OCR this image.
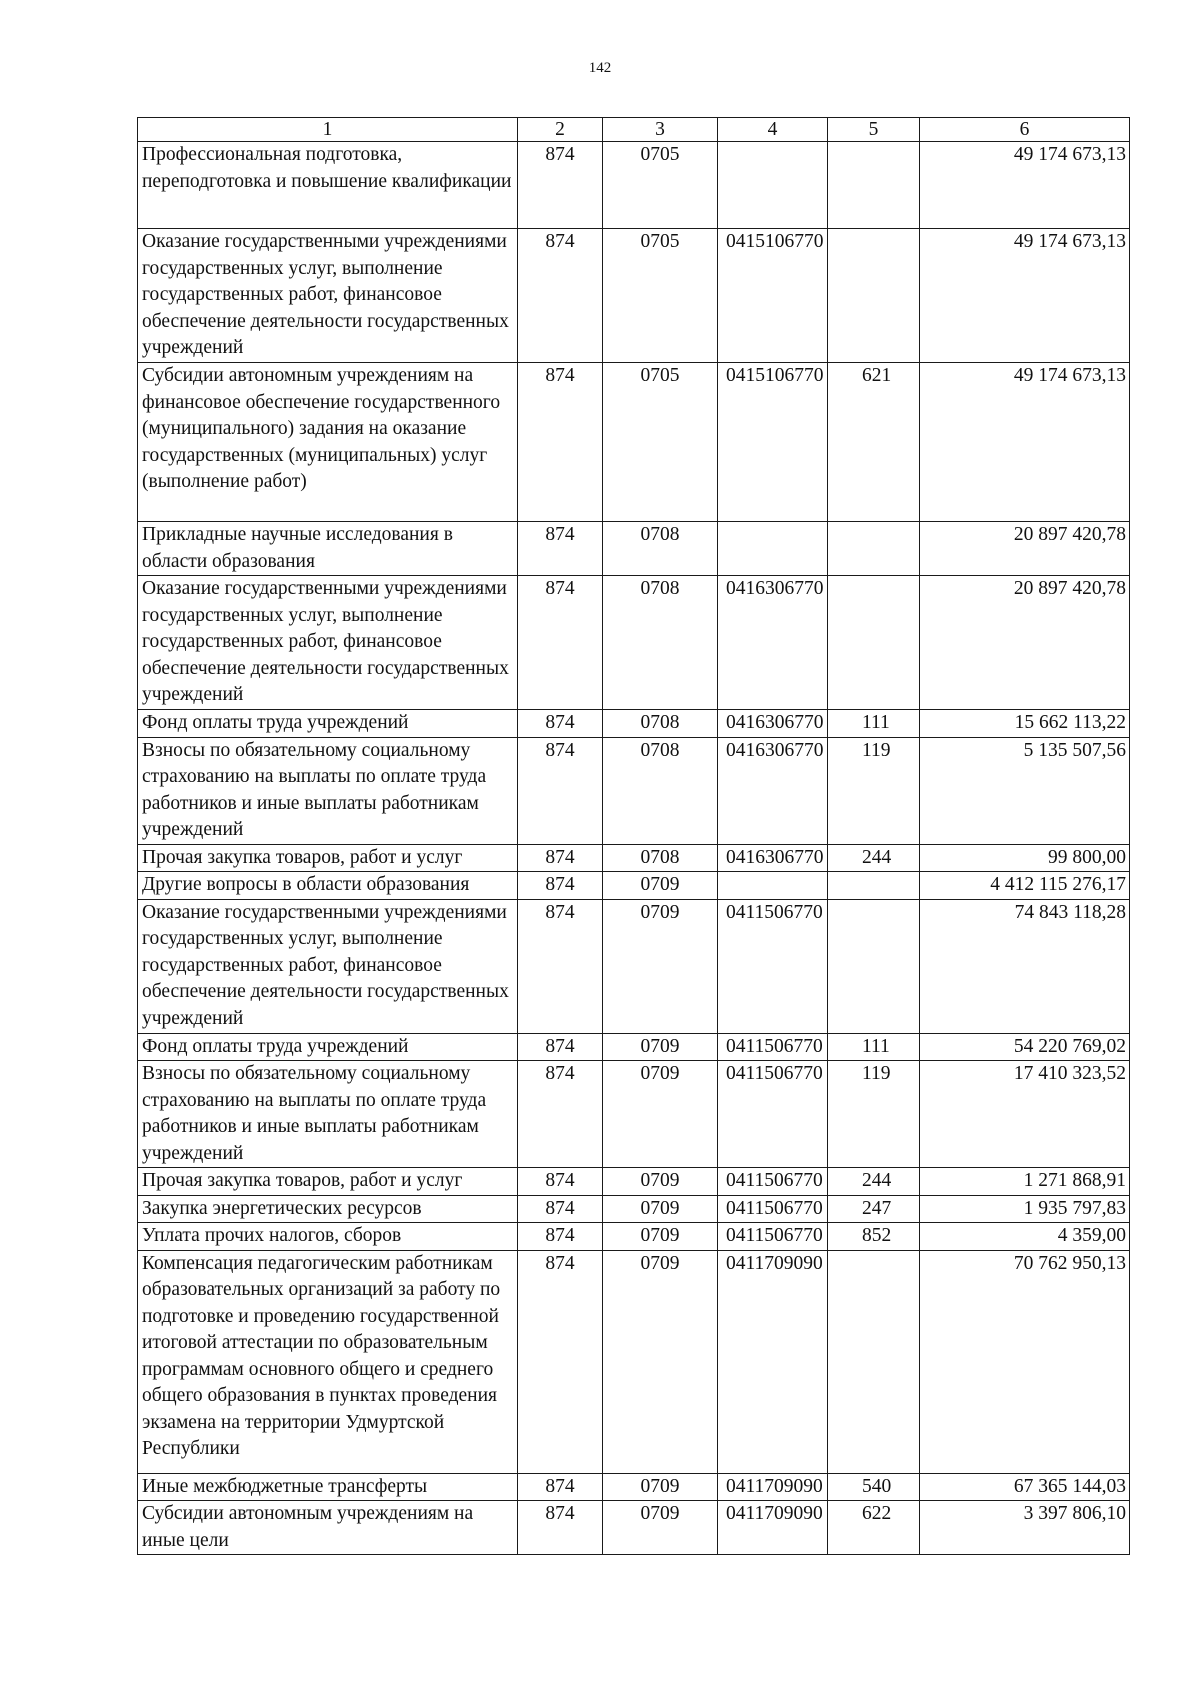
142
1	2	3	4	5	6
Профессиональная подготовка, переподготовка и повышение квалификации	874	0705			49 174 673,13
Оказание государственными учреждениями государственных услуг, выполнение государственных работ, финансовое обеспечение деятельности государственных учреждений	874	0705	0415106770		49 174 673,13
Субсидии автономным учреждениям на финансовое обеспечение государственного (муниципального) задания на оказание государственных (муниципальных) услуг (выполнение работ)	874	0705	0415106770	621	49 174 673,13
Прикладные научные исследования в области образования	874	0708			20 897 420,78
Оказание государственными учреждениями государственных услуг, выполнение государственных работ, финансовое обеспечение деятельности государственных учреждений	874	0708	0416306770		20 897 420,78
Фонд оплаты труда учреждений	874	0708	0416306770	111	15 662 113,22
Взносы по обязательному социальному страхованию на выплаты по оплате труда работников и иные выплаты работникам учреждений	874	0708	0416306770	119	5 135 507,56
Прочая закупка товаров, работ и услуг	874	0708	0416306770	244	99 800,00
Другие вопросы в области образования	874	0709			4 412 115 276,17
Оказание государственными учреждениями государственных услуг, выполнение государственных работ, финансовое обеспечение деятельности государственных учреждений	874	0709	0411506770		74 843 118,28
Фонд оплаты труда учреждений	874	0709	0411506770	111	54 220 769,02
Взносы по обязательному социальному страхованию на выплаты по оплате труда работников и иные выплаты работникам учреждений	874	0709	0411506770	119	17 410 323,52
Прочая закупка товаров, работ и услуг	874	0709	0411506770	244	1 271 868,91
Закупка энергетических ресурсов	874	0709	0411506770	247	1 935 797,83
Уплата прочих налогов, сборов	874	0709	0411506770	852	4 359,00
Компенсация педагогическим работникам образовательных организаций за работу по подготовке и проведению государственной итоговой аттестации по образовательным программам основного общего и среднего общего образования в пунктах проведения экзамена на территории Удмуртской Республики	874	0709	0411709090		70 762 950,13
Иные межбюджетные трансферты	874	0709	0411709090	540	67 365 144,03
Субсидии автономным учреждениям на иные цели	874	0709	0411709090	622	3 397 806,10
